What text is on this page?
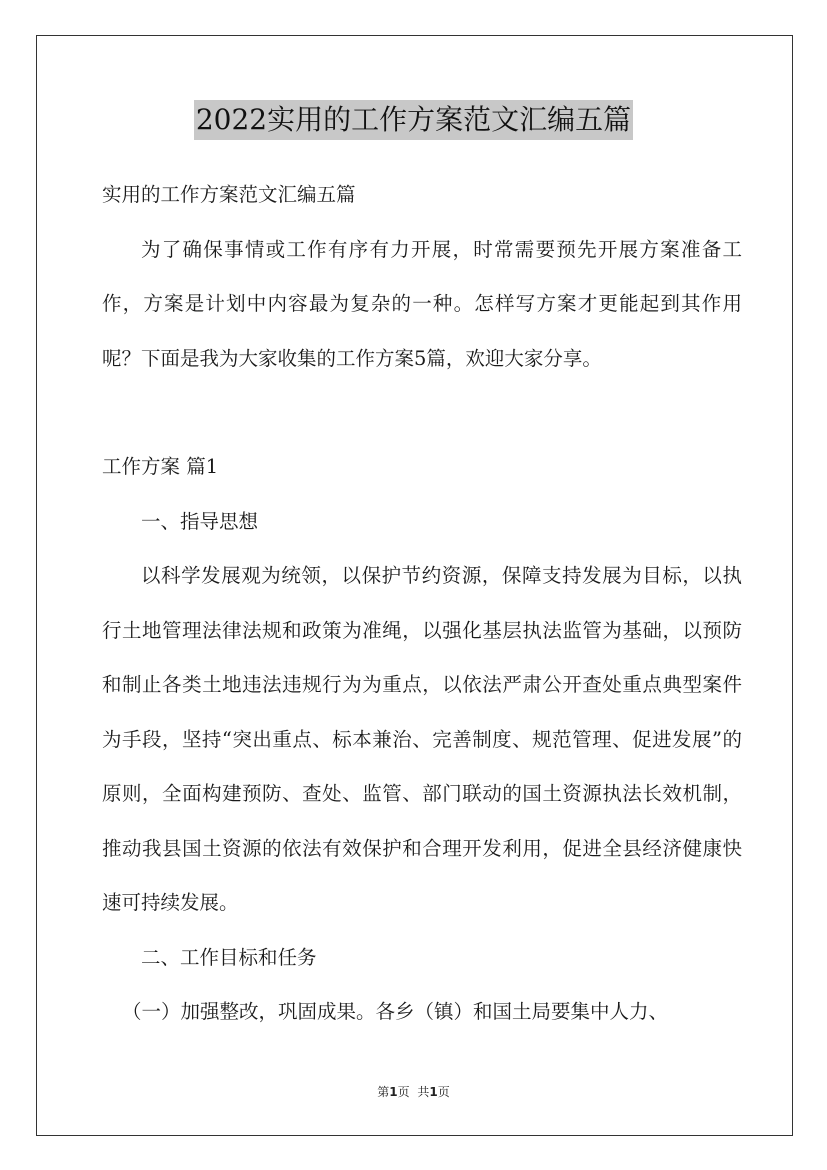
2022实用的工作方案范文汇编五篇

实用的工作方案范文汇编五篇

为了确保事情或工作有序有力开展，时常需要预先开展方案准备工作，方案是计划中内容最为复杂的一种。怎样写方案才更能起到其作用呢？下面是我为大家收集的工作方案5篇，欢迎大家分享。

工作方案 篇1

一、指导思想

以科学发展观为统领，以保护节约资源，保障支持发展为目标，以执行土地管理法律法规和政策为准绳，以强化基层执法监管为基础，以预防和制止各类土地违法违规行为为重点，以依法严肃公开查处重点典型案件为手段，坚持“突出重点、标本兼治、完善制度、规范管理、促进发展”的原则，全面构建预防、查处、监管、部门联动的国土资源执法长效机制，推动我县国土资源的依法有效保护和合理开发利用，促进全县经济健康快速可持续发展。

二、工作目标和任务

（一）加强整改，巩固成果。各乡（镇）和国土局要集中人力、

第1页 共1页
